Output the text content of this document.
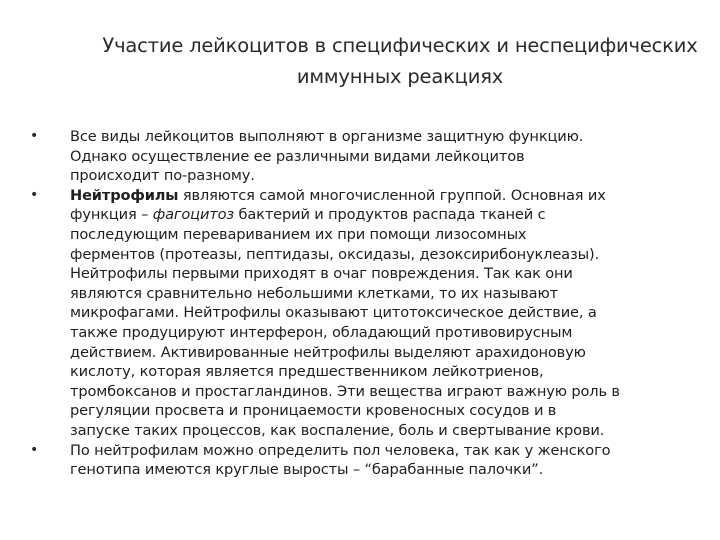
Участие лейкоцитов в специфических и неспецифических
иммунных реакциях
•	Все виды лейкоцитов выполняют в организме защитную функцию.
Однако осуществление ее различными видами лейкоцитов
происходит по-разному.
•	Нейтрофилы являются самой многочисленной группой. Основная их
функция – фагоцитоз бактерий и продуктов распада тканей с
последующим перевариванием их при помощи лизосомных
ферментов (протеазы, пептидазы, оксидазы, дезоксирибонуклеазы).
Нейтрофилы первыми приходят в очаг повреждения. Так как они
являются сравнительно небольшими клетками, то их называют
микрофагами. Нейтрофилы оказывают цитотоксическое действие, а
также продуцируют интерферон, обладающий противовирусным
действием. Активированные нейтрофилы выделяют арахидоновую
кислоту, которая является предшественником лейкотриенов,
тромбоксанов и простагландинов. Эти вещества играют важную роль в
регуляции просвета и проницаемости кровеносных сосудов и в
запуске таких процессов, как воспаление, боль и свертывание крови.
•	По нейтрофилам можно определить пол человека, так как у женского
генотипа имеются круглые выросты – “барабанные палочки”.
